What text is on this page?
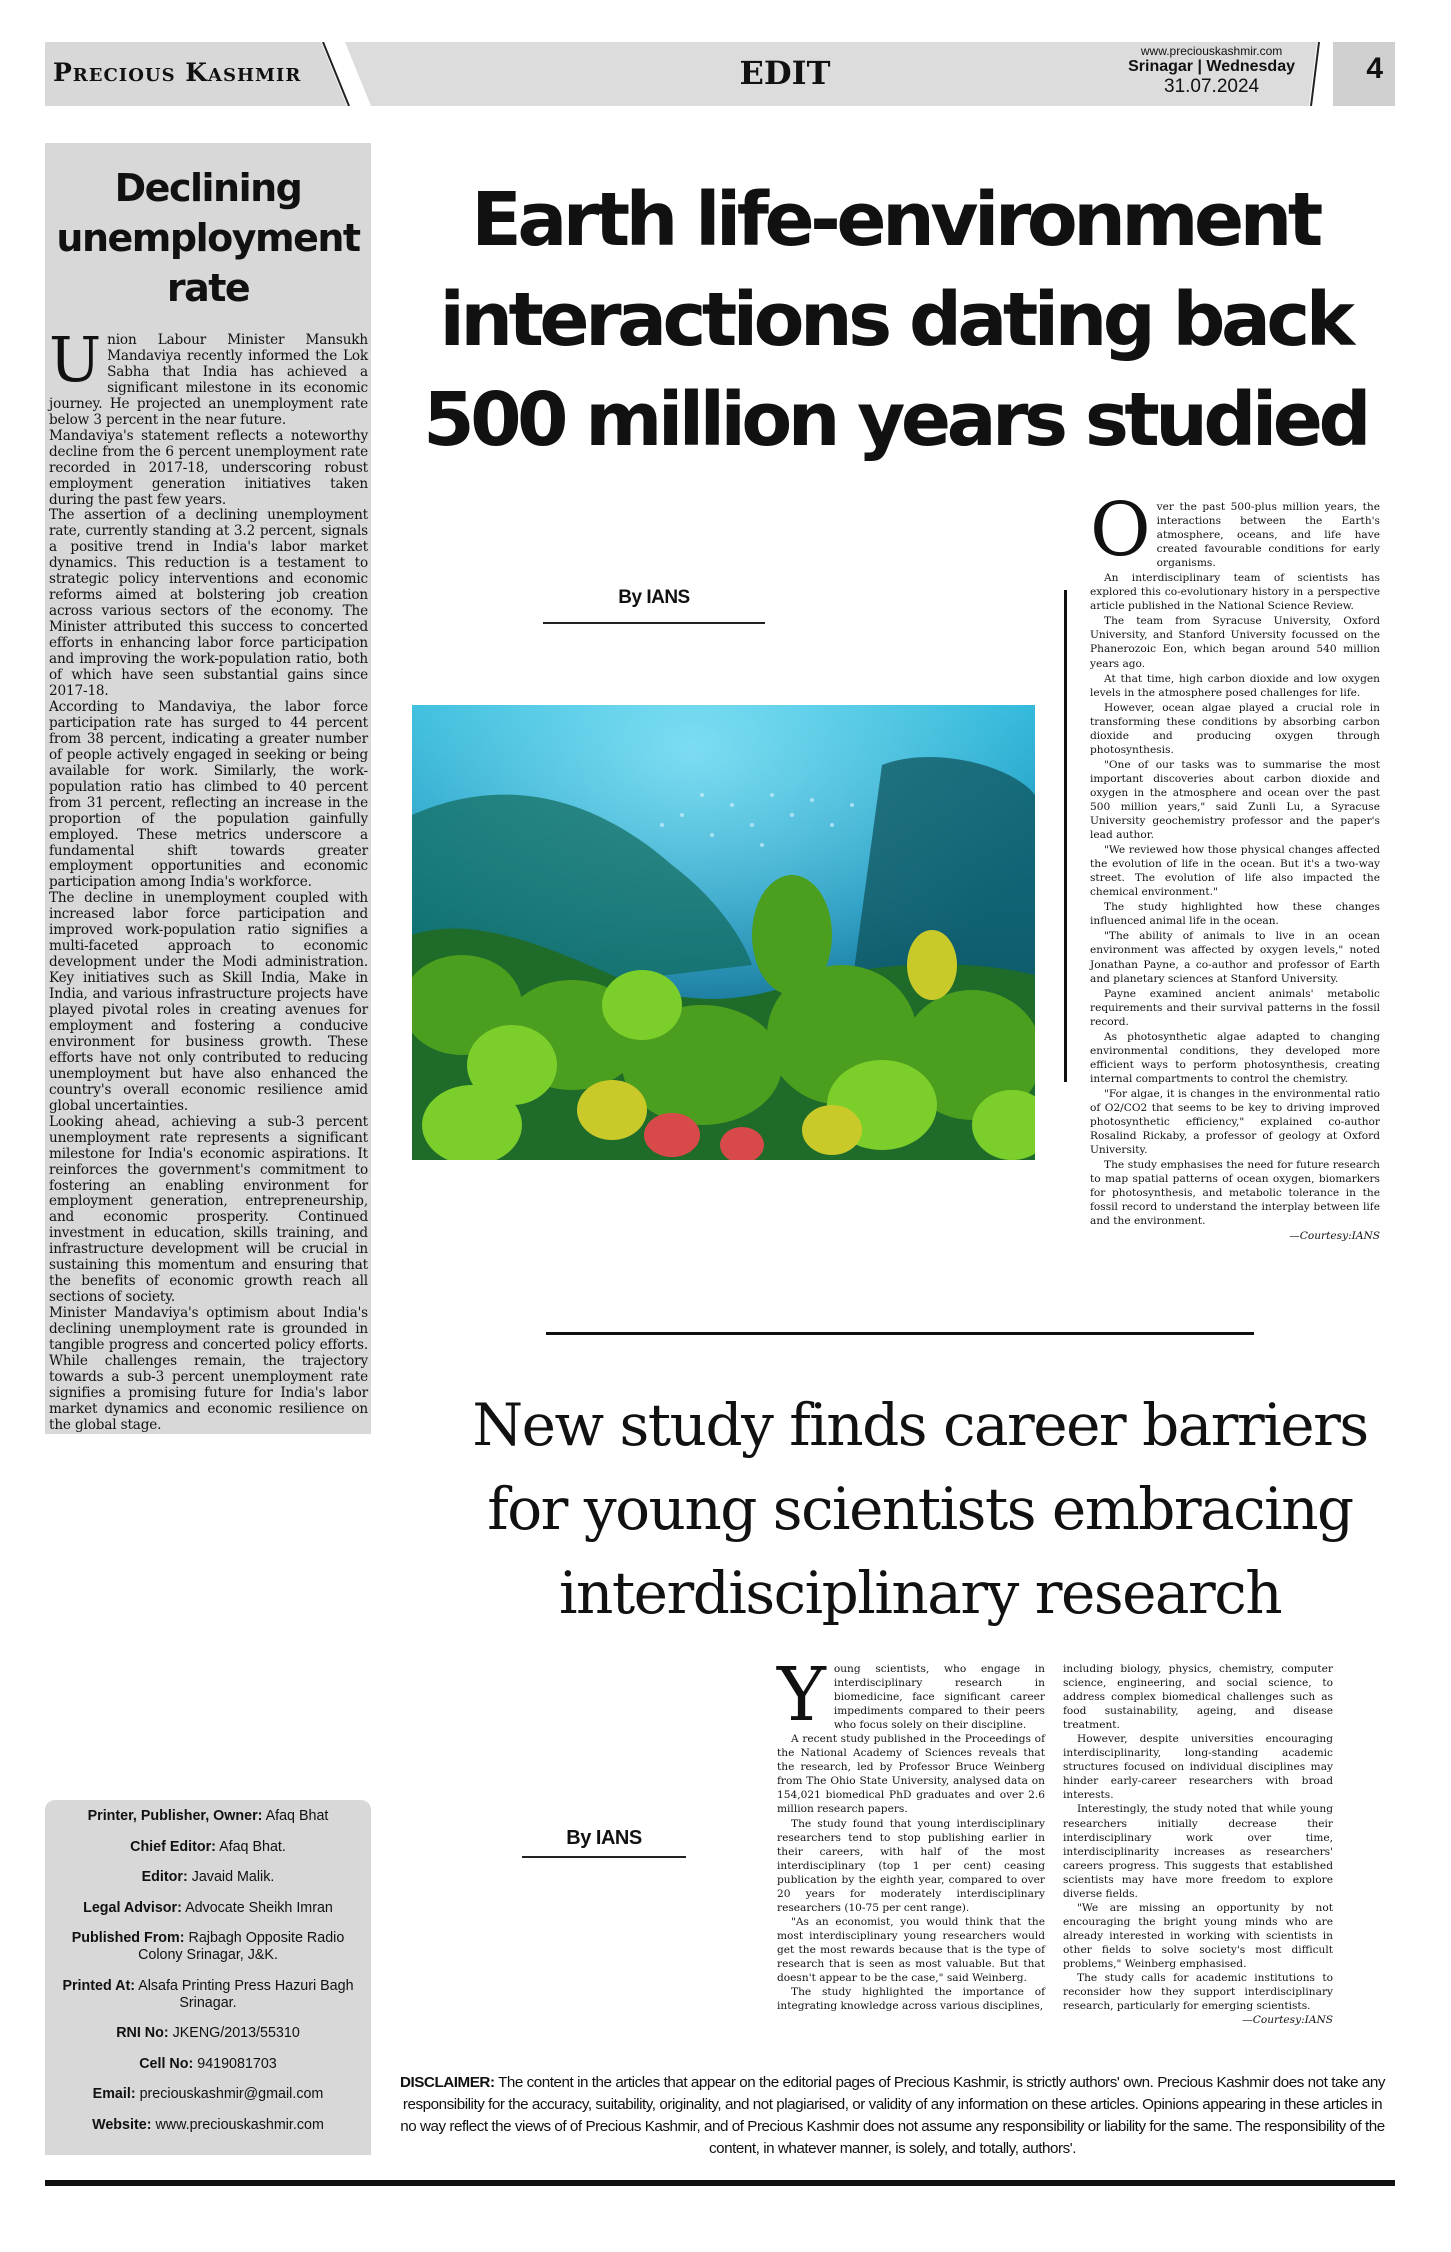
Precious Kashmir	EDIT
www.preciouskashmir.com
Srinagar | Wednesday
31.07.2024
4
Declining unemployment rate
U nion Labour Minister Mansukh Mandaviya recently informed the Lok Sabha that India has achieved a significant milestone in its economic journey. He projected an unemployment rate below 3 percent in the near future.

Mandaviya's statement reflects a noteworthy decline from the 6 percent unemployment rate recorded in 2017-18, underscoring robust employment generation initiatives taken during the past few years.

The assertion of a declining unemployment rate, currently standing at 3.2 percent, signals a positive trend in India's labor market dynamics. This reduction is a testament to strategic policy interventions and economic reforms aimed at bolstering job creation across various sectors of the economy. The Minister attributed this success to concerted efforts in enhancing labor force participation and improving the work-population ratio, both of which have seen substantial gains since 2017-18.

According to Mandaviya, the labor force participation rate has surged to 44 percent from 38 percent, indicating a greater number of people actively engaged in seeking or being available for work. Similarly, the work-population ratio has climbed to 40 percent from 31 percent, reflecting an increase in the proportion of the population gainfully employed. These metrics underscore a fundamental shift towards greater employment opportunities and economic participation among India's workforce.

The decline in unemployment coupled with increased labor force participation and improved work-population ratio signifies a multi-faceted approach to economic development under the Modi administration. Key initiatives such as Skill India, Make in India, and various infrastructure projects have played pivotal roles in creating avenues for employment and fostering a conducive environment for business growth. These efforts have not only contributed to reducing unemployment but have also enhanced the country's overall economic resilience amid global uncertainties.

Looking ahead, achieving a sub-3 percent unemployment rate represents a significant milestone for India's economic aspirations. It reinforces the government's commitment to fostering an enabling environment for employment generation, entrepreneurship, and economic prosperity. Continued investment in education, skills training, and infrastructure development will be crucial in sustaining this momentum and ensuring that the benefits of economic growth reach all sections of society.

Minister Mandaviya's optimism about India's declining unemployment rate is grounded in tangible progress and concerted policy efforts. While challenges remain, the trajectory towards a sub-3 percent unemployment rate signifies a promising future for India's labor market dynamics and economic resilience on the global stage.

Earth life-environment interactions dating back 500 million years studied
By IANS
O ver the past 500-plus million years, the interactions between the Earth's atmosphere, oceans, and life have created favourable conditions for early organisms.

An interdisciplinary team of scientists has explored this co-evolutionary history in a perspective article published in the National Science Review.

The team from Syracuse University, Oxford University, and Stanford University focussed on the Phanerozoic Eon, which began around 540 million years ago.

At that time, high carbon dioxide and low oxygen levels in the atmosphere posed challenges for life.

However, ocean algae played a crucial role in transforming these conditions by absorbing carbon dioxide and producing oxygen through photosynthesis.

"One of our tasks was to summarise the most important discoveries about carbon dioxide and oxygen in the atmosphere and ocean over the past 500 million years," said Zunli Lu, a Syracuse University geochemistry professor and the paper's lead author.

"We reviewed how those physical changes affected the evolution of life in the ocean. But it's a two-way street. The evolution of life also impacted the chemical environment."

The study highlighted how these changes influenced animal life in the ocean.

"The ability of animals to live in an ocean environment was affected by oxygen levels," noted Jonathan Payne, a co-author and professor of Earth and planetary sciences at Stanford University.

Payne examined ancient animals' metabolic requirements and their survival patterns in the fossil record.

As photosynthetic algae adapted to changing environmental conditions, they developed more efficient ways to perform photosynthesis, creating internal compartments to control the chemistry.

"For algae, it is changes in the environmental ratio of O2/CO2 that seems to be key to driving improved photosynthetic efficiency," explained co-author Rosalind Rickaby, a professor of geology at Oxford University.

The study emphasises the need for future research to map spatial patterns of ocean oxygen, biomarkers for photosynthesis, and metabolic tolerance in the fossil record to understand the interplay between life and the environment.

—Courtesy:IANS
New study finds career barriers for young scientists embracing interdisciplinary research
By IANS
Y oung scientists, who engage in interdisciplinary research in biomedicine, face significant career impediments compared to their peers who focus solely on their discipline.

A recent study published in the Proceedings of the National Academy of Sciences reveals that the research, led by Professor Bruce Weinberg from The Ohio State University, analysed data on 154,021 biomedical PhD graduates and over 2.6 million research papers.

The study found that young interdisciplinary researchers tend to stop publishing earlier in their careers, with half of the most interdisciplinary (top 1 per cent) ceasing publication by the eighth year, compared to over 20 years for moderately interdisciplinary researchers (10-75 per cent range).

"As an economist, you would think that the most interdisciplinary young researchers would get the most rewards because that is the type of research that is seen as most valuable. But that doesn't appear to be the case," said Weinberg.

The study highlighted the importance of integrating knowledge across various disciplines,

including biology, physics, chemistry, computer science, engineering, and social science, to address complex biomedical challenges such as food sustainability, ageing, and disease treatment.

However, despite universities encouraging interdisciplinarity, long-standing academic structures focused on individual disciplines may hinder early-career researchers with broad interests.

Interestingly, the study noted that while young researchers initially decrease their interdisciplinary work over time, interdisciplinarity increases as researchers' careers progress. This suggests that established scientists may have more freedom to explore diverse fields.

"We are missing an opportunity by not encouraging the bright young minds who are already interested in working with scientists in other fields to solve society's most difficult problems," Weinberg emphasised.

The study calls for academic institutions to reconsider how they support interdisciplinary research, particularly for emerging scientists.

—Courtesy:IANS
Printer, Publisher, Owner: Afaq Bhat
Chief Editor: Afaq Bhat.
Editor: Javaid Malik.
Legal Advisor: Advocate Sheikh Imran
Published From: Rajbagh Opposite Radio Colony Srinagar, J&K.
Printed At: Alsafa Printing Press Hazuri Bagh Srinagar.
RNI No: JKENG/2013/55310
Cell No: 9419081703
Email: preciouskashmir@gmail.com
Website: www.preciouskashmir.com
DISCLAIMER: The content in the articles that appear on the editorial pages of Precious Kashmir, is strictly authors' own. Precious Kashmir does not take any responsibility for the accuracy, suitability, originality, and not plagiarised, or validity of any information on these articles. Opinions appearing in these articles in no way reflect the views of of Precious Kashmir, and of Precious Kashmir does not assume any responsibility or liability for the same. The responsibility of the content, in whatever manner, is solely, and totally, authors'.
